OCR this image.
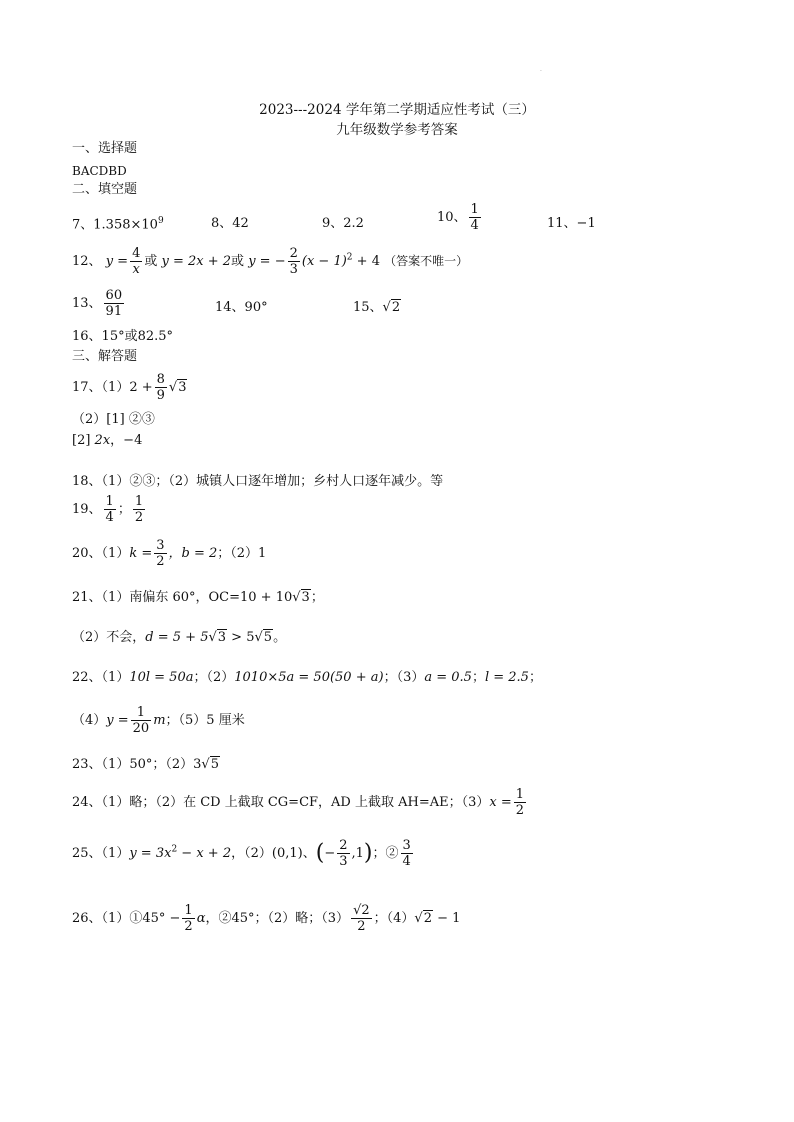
·
2023---2024 学年第二学期适应性考试（三）
九年级数学参考答案
一、选择题
BACDBD
二、填空题
7、$1.358\times 10^9$	8、42	9、2.2	10、 $\frac{1}{4}$	11、−1
12、 $y = \frac{4}{x}$ 或 y = 2x + 2或 y = − $\frac{2}{3} (x - 1)^2 + 4$ （答案不唯一）
13、 $\frac{60}{91}$	14、90°	15、√2
16、15°或82.5°
三、解答题
17、$(1)2 + \frac{8}{9} √3$
（2）[1] ②③
[2] 2x，−4
18、（1）②③；（2）城镇人口逐年增加；乡村人口逐年减少。等
19、 $\frac{1}{4}$ ； $\frac{1}{2}$
20、$(1)k = \frac{3}{2}$ ，b = 2；（2）1
21、（1）南偏东 60°，OC=10 + 10√3；
（2）不会，d = 5 + 5√3 > 5√5。
22、（1）10l = 50a；（2）1010×5a = 50(50 + a)；（3）a = 0.5；l = 2.5；
$(4)y = \frac{1}{20}$ m；（5）5 厘米
23、（1）50°；（2）3√5
24、（1）略；（2）在 CD 上截取 CG=CF，AD 上截取 AH=AE；$(3)x = \frac{1}{2}$
25、$(1)y = 3x^2 - x + 2$，（2）(0,1)、(− $\frac{2}{3} ,1$)；② $\frac{3}{4}$
26、（1）①45° − $\frac{1}{2}$ α，②45°；（2）略；$(3) \frac{√2}{2}$ ；（4）√2 − 1
